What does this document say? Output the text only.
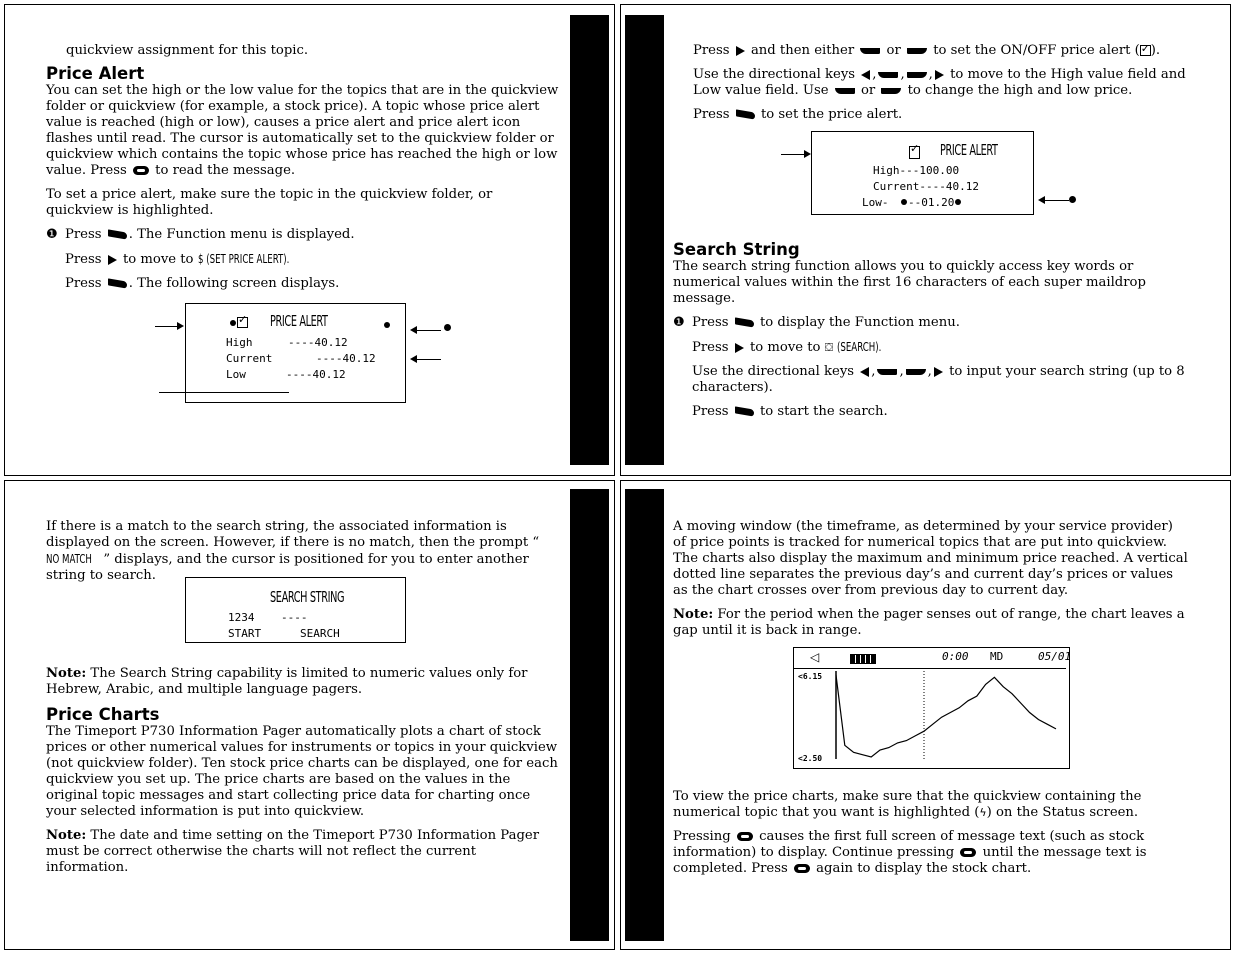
quickview assignment for this topic.

Price Alert

You can set the high or the low value for the topics that are in the quickview folder or quickview (for example, a stock price). A topic whose price alert value is reached (high or low), causes a price alert and price alert icon flashes until read. The cursor is automatically set to the quickview folder or quickview which contains the topic whose price has reached the high or low value. Press to read the message.

To set a price alert, make sure the topic in the quickview folder, or quickview is highlighted.

❶ Press . The Function menu is displayed.

Press to move to $ (SET PRICE ALERT).

Press . The following screen displays.

✓
PRICE ALERT
High	----40.12
Current	----40.12
Low	----40.12

Press and then either or to set the ON/OFF price alert (✓ ).

Use the directional keys , , , to move to the High value field and Low value field. Use or to change the high and low price.

Press to set the price alert.

✓
PRICE ALERT
High---100.00
Current----40.12
Low- --01.20
Search String

The search string function allows you to quickly access key words or numerical values within the first 16 characters of each super maildrop message.

❶ Press to display the Function menu.

Press to move to ⛋ (SEARCH).

Use the directional keys , , , to input your search string (up to 8 characters).

Press to start the search.

If there is a match to the search string, the associated information is displayed on the screen. However, if there is no match, then the prompt “NO MATCH ” displays, and the cursor is positioned for you to enter another string to search.

SEARCH STRING
1234    ----
START	SEARCH

Note: The Search String capability is limited to numeric values only for Hebrew, Arabic, and multiple language pagers.

Price Charts

The Timeport P730 Information Pager automatically plots a chart of stock prices or other numerical values for instruments or topics in your quickview (not quickview folder). Ten stock price charts can be displayed, one for each quickview you set up. The price charts are based on the values in the original topic messages and start collecting price data for charting once your selected information is put into quickview.

Note: The date and time setting on the Timeport P730 Information Pager must be correct otherwise the charts will not reflect the current information.

A moving window (the timeframe, as determined by your service provider) of price points is tracked for numerical topics that are put into quickview. The charts also display the maximum and minimum price reached. A vertical dotted line separates the previous day’s and current day’s prices or values as the chart crosses over from previous day to current day.

Note: For the period when the pager senses out of range, the chart leaves a gap until it is back in range.

◁	0:00 MD	05/01
<6.15
<2.50

To view the price charts, make sure that the quickview containing the numerical topic that you want is highlighted (ϟ) on the Status screen.

Pressing causes the first full screen of message text (such as stock information) to display. Continue pressing until the message text is completed. Press again to display the stock chart.
